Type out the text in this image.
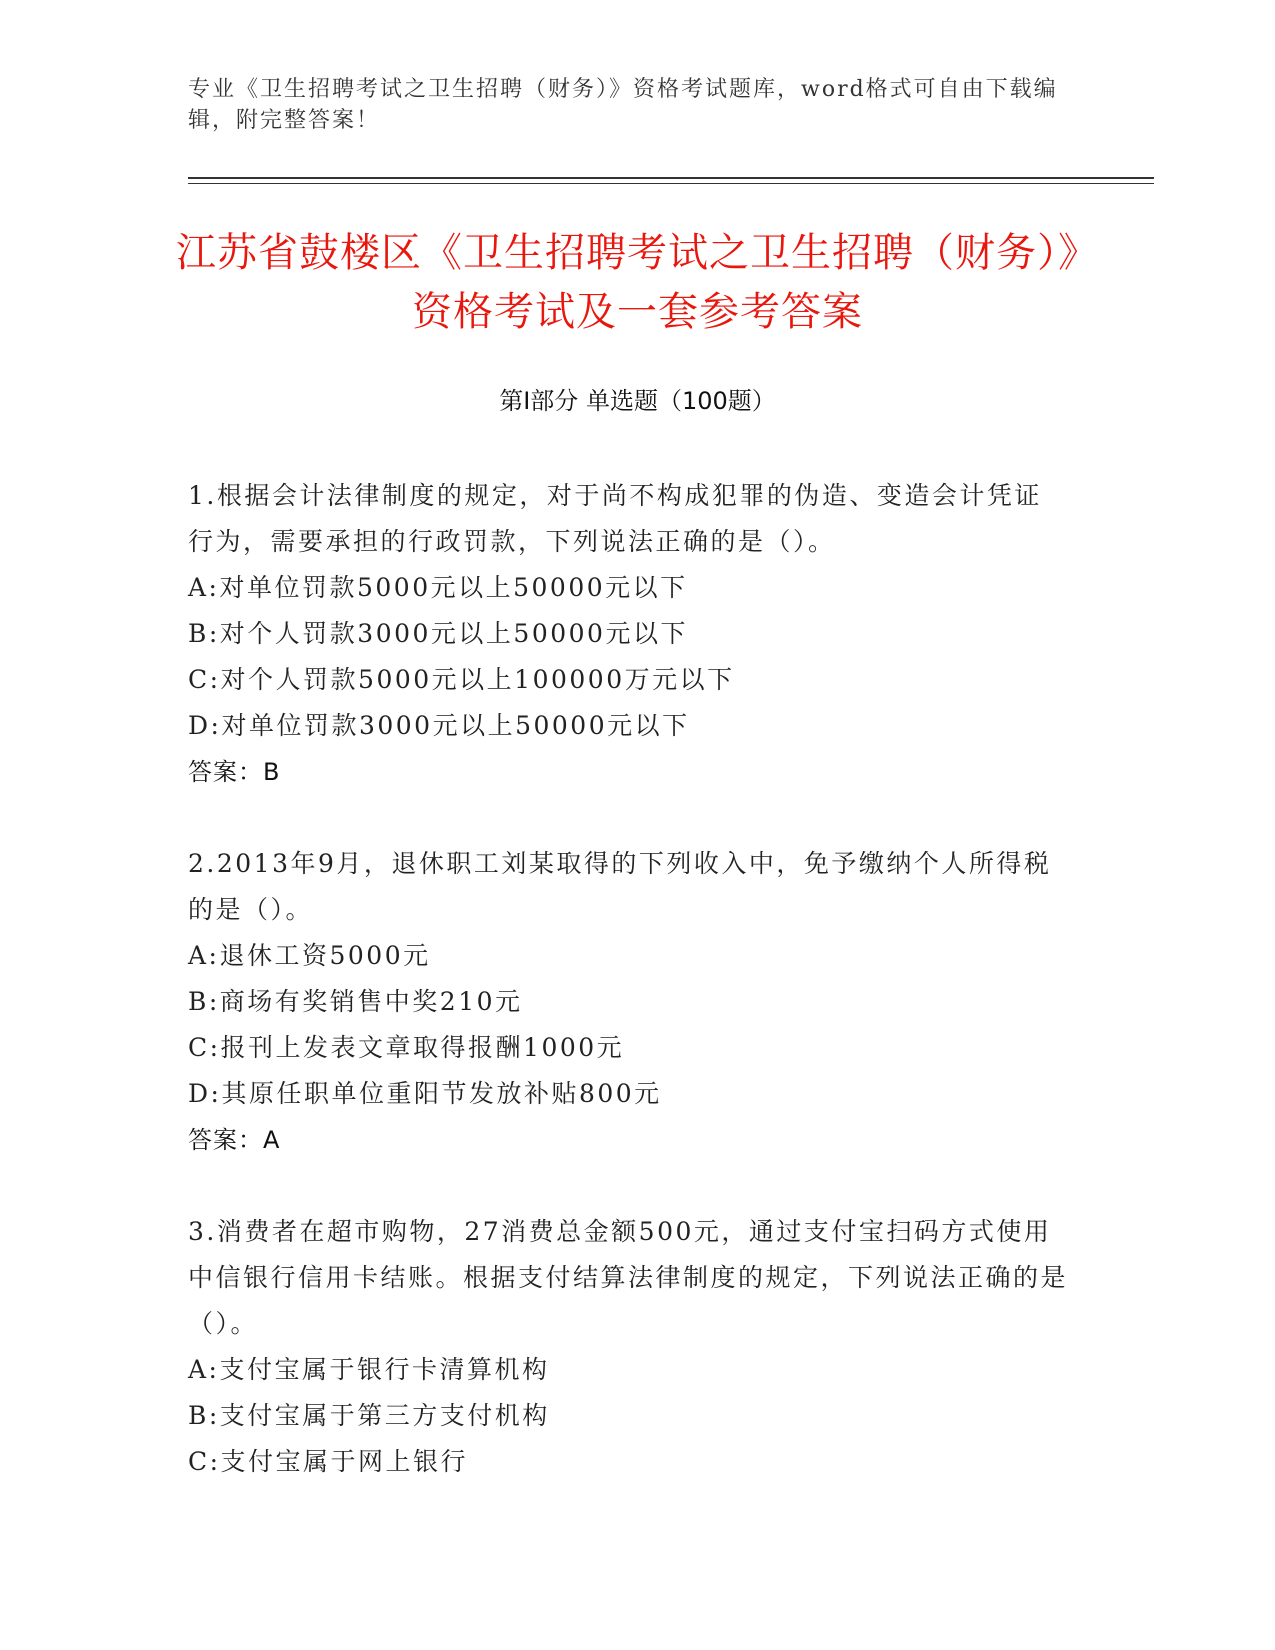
专业《卫生招聘考试之卫生招聘（财务）》资格考试题库，word格式可自由下载编辑，附完整答案！
江苏省鼓楼区《卫生招聘考试之卫生招聘（财务）》资格考试及一套参考答案
第Ⅰ部分 单选题（100题）

1.根据会计法律制度的规定，对于尚不构成犯罪的伪造、变造会计凭证行为，需要承担的行政罚款，下列说法正确的是（）。

A:对单位罚款5000元以上50000元以下

B:对个人罚款3000元以上50000元以下

C:对个人罚款5000元以上100000万元以下

D:对单位罚款3000元以上50000元以下

答案：B

2.2013年9月，退休职工刘某取得的下列收入中，免予缴纳个人所得税的是（）。

A:退休工资5000元

B:商场有奖销售中奖210元

C:报刊上发表文章取得报酬1000元

D:其原任职单位重阳节发放补贴800元

答案：A

3.消费者在超市购物，27消费总金额500元，通过支付宝扫码方式使用中信银行信用卡结账。根据支付结算法律制度的规定，下列说法正确的是（）。

A:支付宝属于银行卡清算机构

B:支付宝属于第三方支付机构

C:支付宝属于网上银行
